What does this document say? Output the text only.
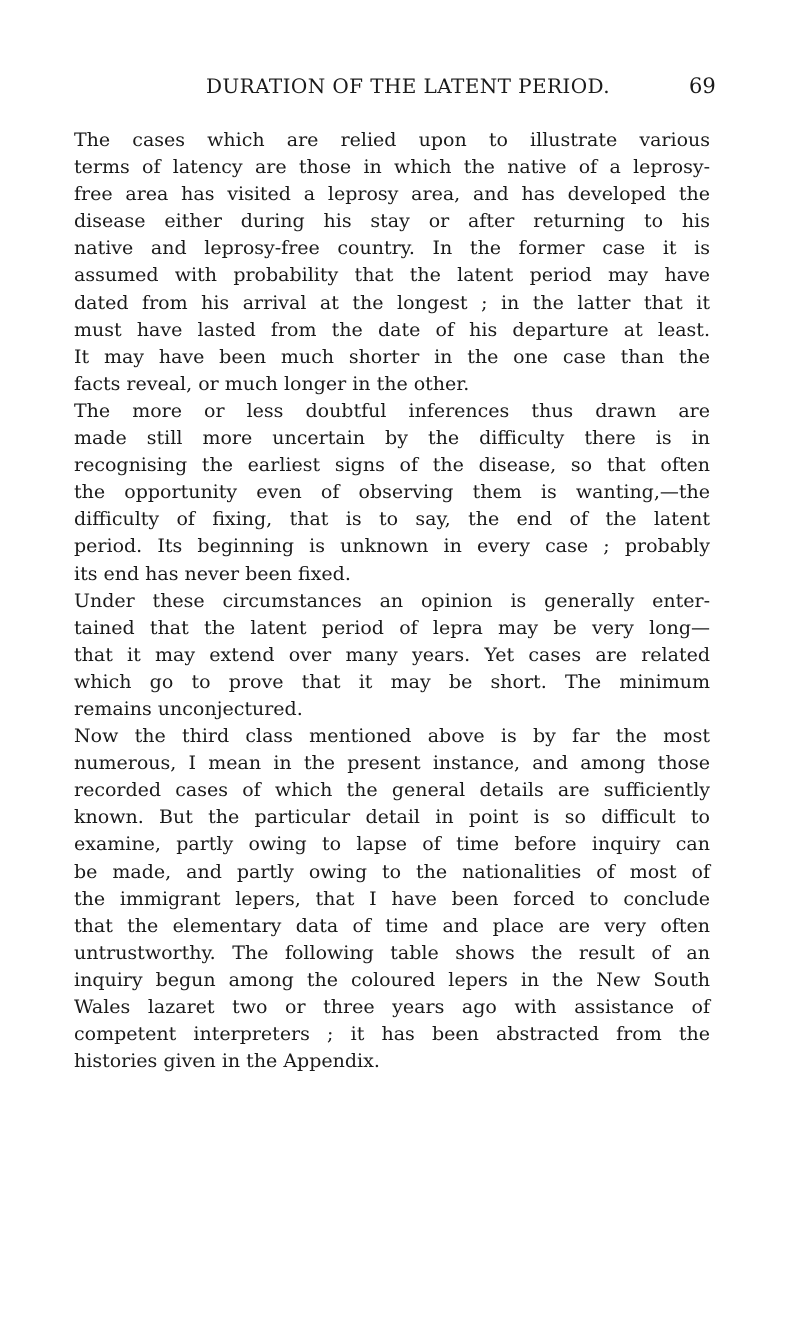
DURATION OF THE LATENT PERIOD.	69
The cases which are relied upon to illustrate various
terms of latency are those in which the native of a leprosy-
free area has visited a leprosy area, and has developed the
disease either during his stay or after returning to his
native and leprosy-free country. In the former case it is
assumed with probability that the latent period may have
dated from his arrival at the longest ; in the latter that it
must have lasted from the date of his departure at least.
It may have been much shorter in the one case than the
facts reveal, or much longer in the other.
The more or less doubtful inferences thus drawn are
made still more uncertain by the difficulty there is in
recognising the earliest signs of the disease, so that often
the opportunity even of observing them is wanting,—the
difficulty of fixing, that is to say, the end of the latent
period. Its beginning is unknown in every case ; probably
its end has never been fixed.
Under these circumstances an opinion is generally enter-
tained that the latent period of lepra may be very long—
that it may extend over many years. Yet cases are related
which go to prove that it may be short. The minimum
remains unconjectured.
Now the third class mentioned above is by far the most
numerous, I mean in the present instance, and among those
recorded cases of which the general details are sufficiently
known. But the particular detail in point is so difficult to
examine, partly owing to lapse of time before inquiry can
be made, and partly owing to the nationalities of most of
the immigrant lepers, that I have been forced to conclude
that the elementary data of time and place are very often
untrustworthy. The following table shows the result of an
inquiry begun among the coloured lepers in the New South
Wales lazaret two or three years ago with assistance of
competent interpreters ; it has been abstracted from the
histories given in the Appendix.
